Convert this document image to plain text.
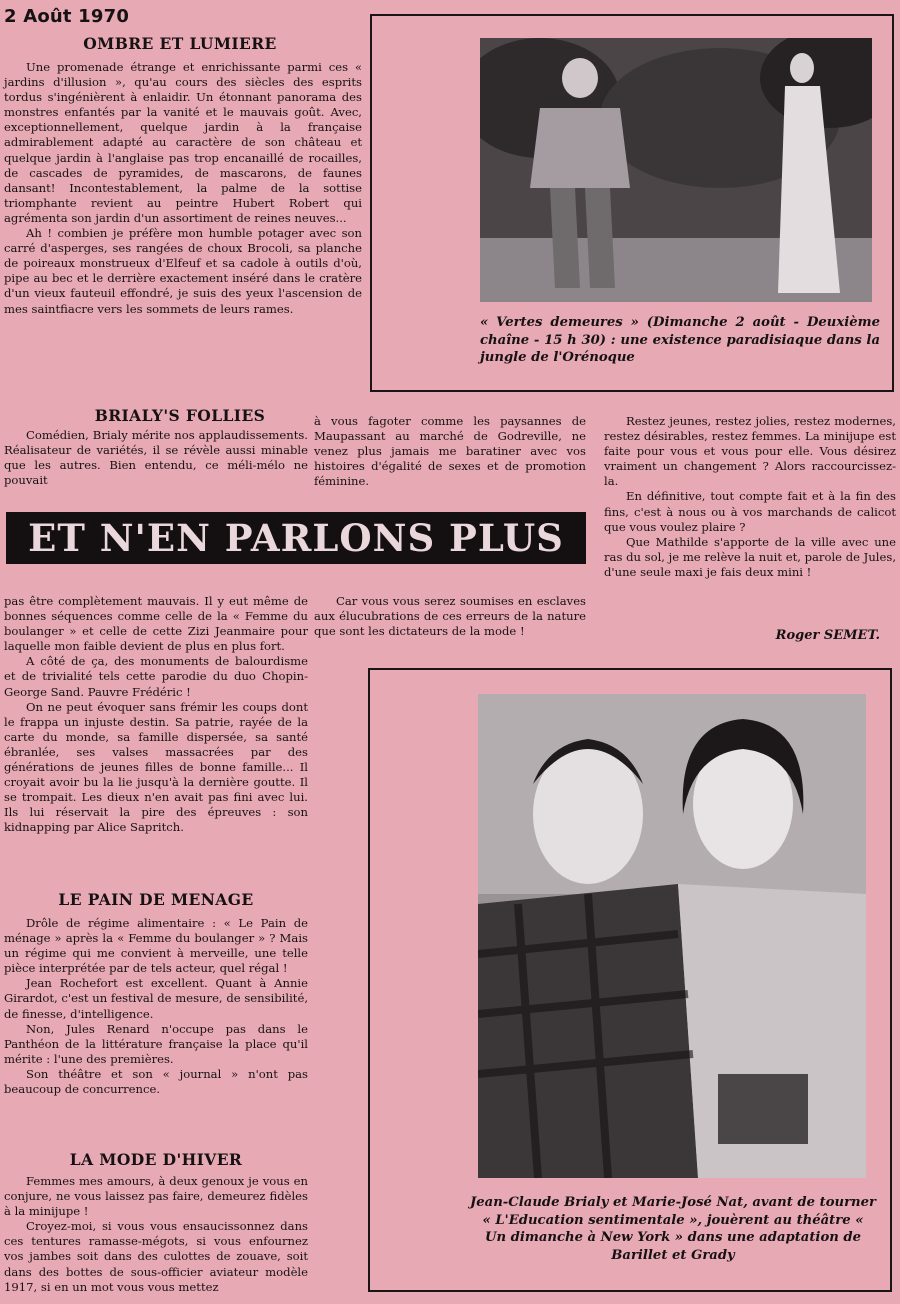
2 Août 1970
OMBRE ET LUMIERE

Une promenade étrange et enrichissante parmi ces « jardins d'illusion », qu'au cours des siècles des esprits tordus s'ingénièrent à enlaidir. Un étonnant panorama des monstres enfantés par la vanité et le mauvais goût. Avec, exceptionnellement, quelque jardin à la française admirablement adapté au caractère de son château et quelque jardin à l'anglaise pas trop encanaillé de rocailles, de cascades de pyramides, de mascarons, de faunes dansant! Incontestablement, la palme de la sottise triomphante revient au peintre Hubert Robert qui agrémenta son jardin d'un assortiment de reines neuves...

Ah ! combien je préfère mon humble potager avec son carré d'asperges, ses rangées de choux Brocoli, sa planche de poireaux monstrueux d'Elfeuf et sa cadole à outils d'où, pipe au bec et le derrière exactement inséré dans le cratère d'un vieux fauteuil effondré, je suis des yeux l'ascension de mes saintfiacre vers les sommets de leurs rames.

« Vertes demeures » (Dimanche 2 août - Deuxième chaîne - 15 h 30) : une existence paradisiaque dans la jungle de l'Orénoque
BRIALY'S FOLLIES

Comédien, Brialy mérite nos applaudissements. Réalisateur de variétés, il se révèle aussi minable que les autres. Bien entendu, ce méli-mélo ne pouvait

à vous fagoter comme les paysannes de Maupassant au marché de Godreville, ne venez plus jamais me baratiner avec vos histoires d'égalité de sexes et de promotion féminine.

Restez jeunes, restez jolies, restez modernes, restez désirables, restez femmes. La minijupe est faite pour vous et vous pour elle. Vous désirez vraiment un changement ? Alors raccourcissez-la.

En définitive, tout compte fait et à la fin des fins, c'est à nous ou à vos marchands de calicot que vous voulez plaire ?

Que Mathilde s'apporte de la ville avec une ras du sol, je me relève la nuit et, parole de Jules, d'une seule maxi je fais deux mini !

ET N'EN PARLONS PLUS

pas être complètement mauvais. Il y eut même de bonnes séquences comme celle de la « Femme du boulanger » et celle de cette Zizi Jeanmaire pour laquelle mon faible devient de plus en plus fort.

A côté de ça, des monuments de balourdisme et de trivialité tels cette parodie du duo Chopin-George Sand. Pauvre Frédéric !

On ne peut évoquer sans frémir les coups dont le frappa un injuste destin. Sa patrie, rayée de la carte du monde, sa famille dispersée, sa santé ébranlée, ses valses massacrées par des générations de jeunes filles de bonne famille... Il croyait avoir bu la lie jusqu'à la dernière goutte. Il se trompait. Les dieux n'en avait pas fini avec lui. Ils lui réservait la pire des épreuves : son kidnapping par Alice Sapritch.

Car vous vous serez soumises en esclaves aux élucubrations de ces erreurs de la nature que sont les dictateurs de la mode !	Roger SEMET.
Jean-Claude Brialy et Marie-José Nat, avant de tourner « L'Education sentimentale », jouèrent au théâtre « Un dimanche à New York » dans une adaptation de Barillet et Grady
LE PAIN DE MENAGE

Drôle de régime alimentaire : « Le Pain de ménage » après la « Femme du boulanger » ? Mais un régime qui me convient à merveille, une telle pièce interprétée par de tels acteur, quel régal !

Jean Rochefort est excellent. Quant à Annie Girardot, c'est un festival de mesure, de sensibilité, de finesse, d'intelligence.

Non, Jules Renard n'occupe pas dans le Panthéon de la littérature française la place qu'il mérite : l'une des premières.

Son théâtre et son « journal » n'ont pas beaucoup de concurrence.

LA MODE D'HIVER

Femmes mes amours, à deux genoux je vous en conjure, ne vous laissez pas faire, demeurez fidèles à la minijupe !

Croyez-moi, si vous vous ensaucissonnez dans ces tentures ramasse-mégots, si vous enfournez vos jambes soit dans des culottes de zouave, soit dans des bottes de sous-officier aviateur modèle 1917, si en un mot vous vous mettez
